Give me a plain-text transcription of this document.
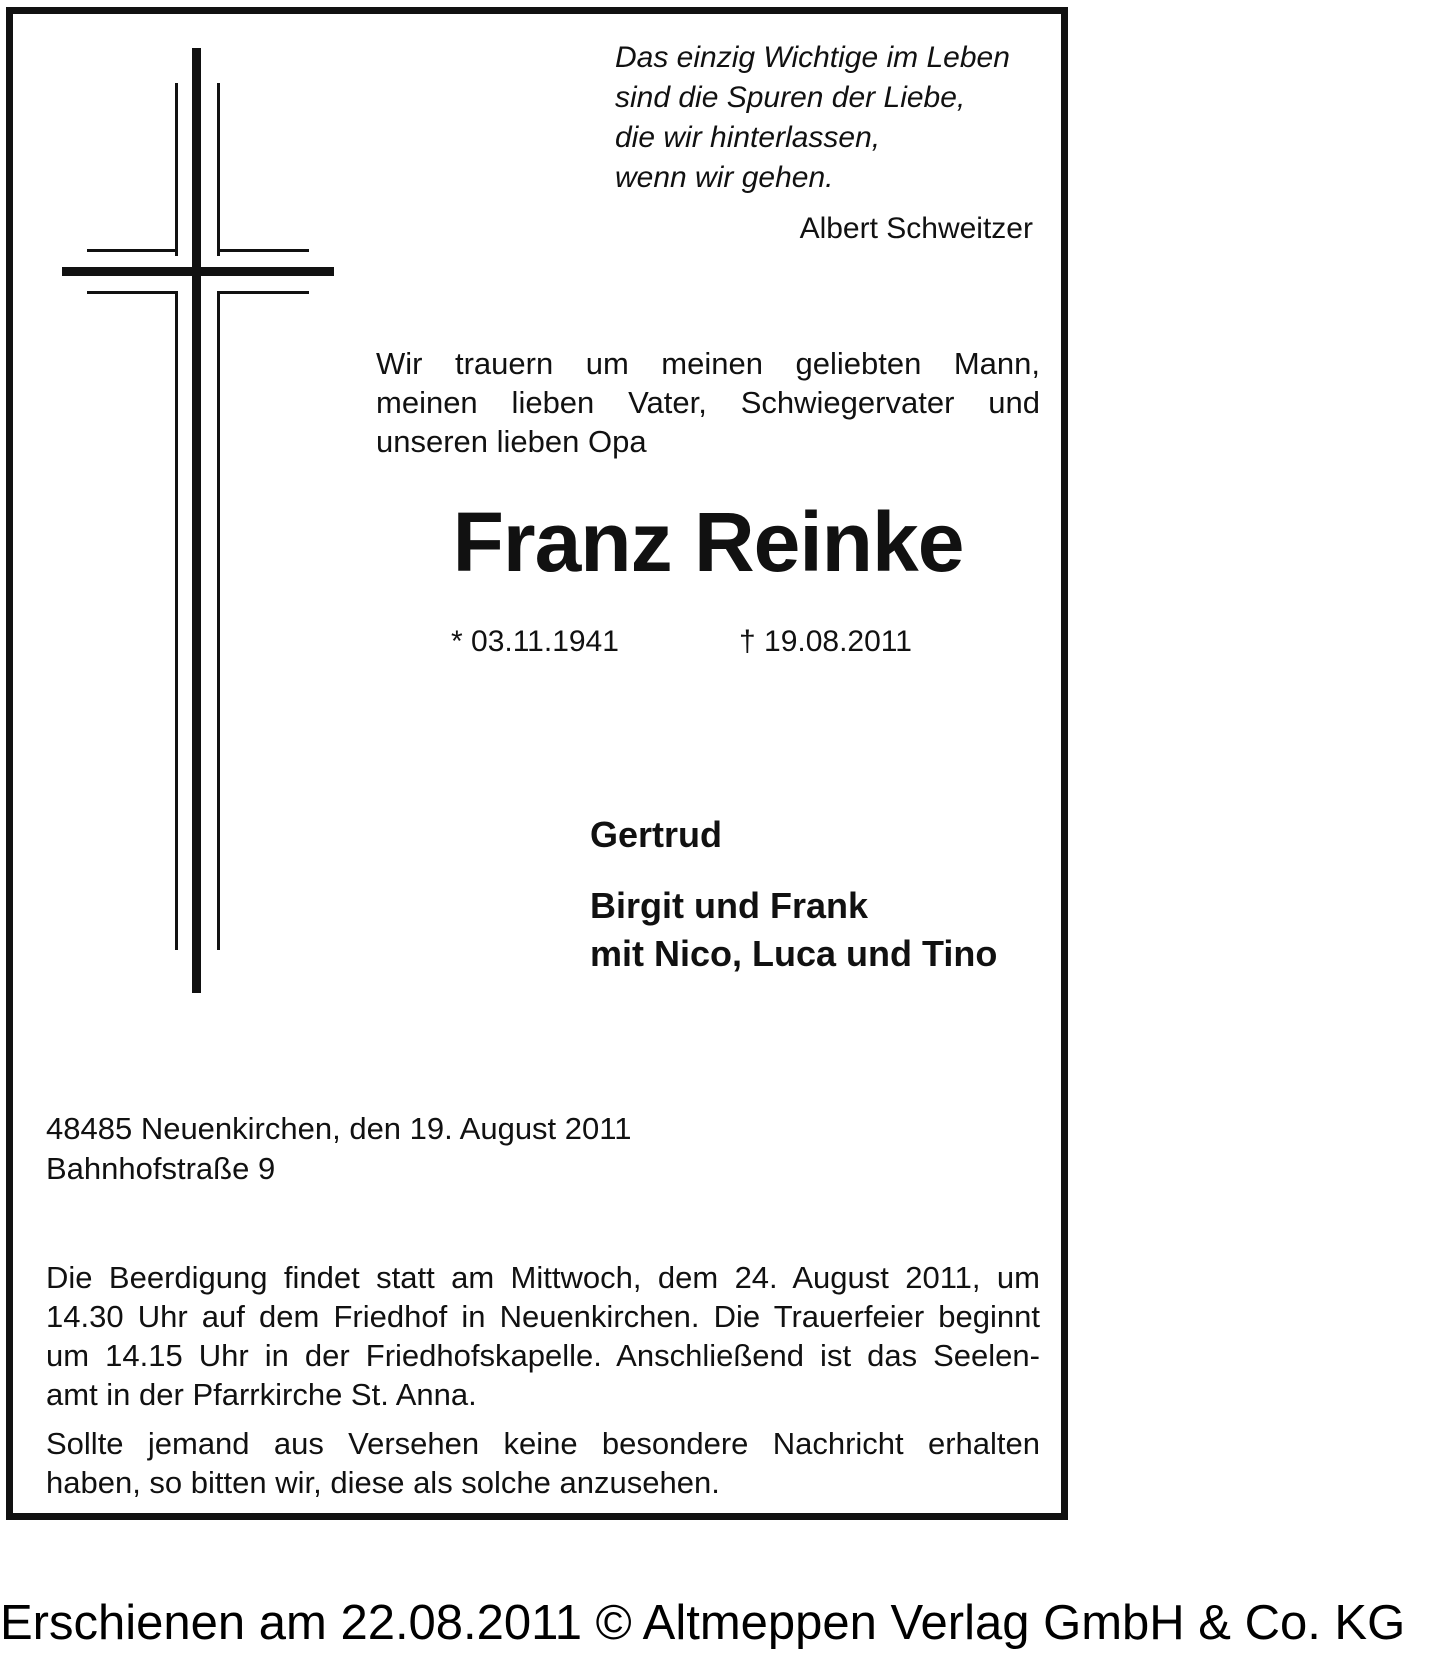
Das einzig Wichtige im Leben
sind die Spuren der Liebe,
die wir hinterlassen,
wenn wir gehen.
Albert Schweitzer
Wir trauern um meinen geliebten Mann,
meinen lieben Vater, Schwiegervater und
unseren lieben Opa
Franz Reinke
* 03.11.1941	† 19.08.2011
Gertrud
Birgit und Frank
mit Nico, Luca und Tino
48485 Neuenkirchen, den 19. August 2011
Bahnhofstraße 9
Die Beerdigung findet statt am Mittwoch, dem 24. August 2011, um
14.30 Uhr auf dem Friedhof in Neuenkirchen. Die Trauerfeier beginnt
um 14.15 Uhr in der Friedhofskapelle. Anschließend ist das Seelen-
amt in der Pfarrkirche St. Anna.
Sollte jemand aus Versehen keine besondere Nachricht erhalten
haben, so bitten wir, diese als solche anzusehen.
Erschienen am 22.08.2011 © Altmeppen Verlag GmbH & Co. KG
